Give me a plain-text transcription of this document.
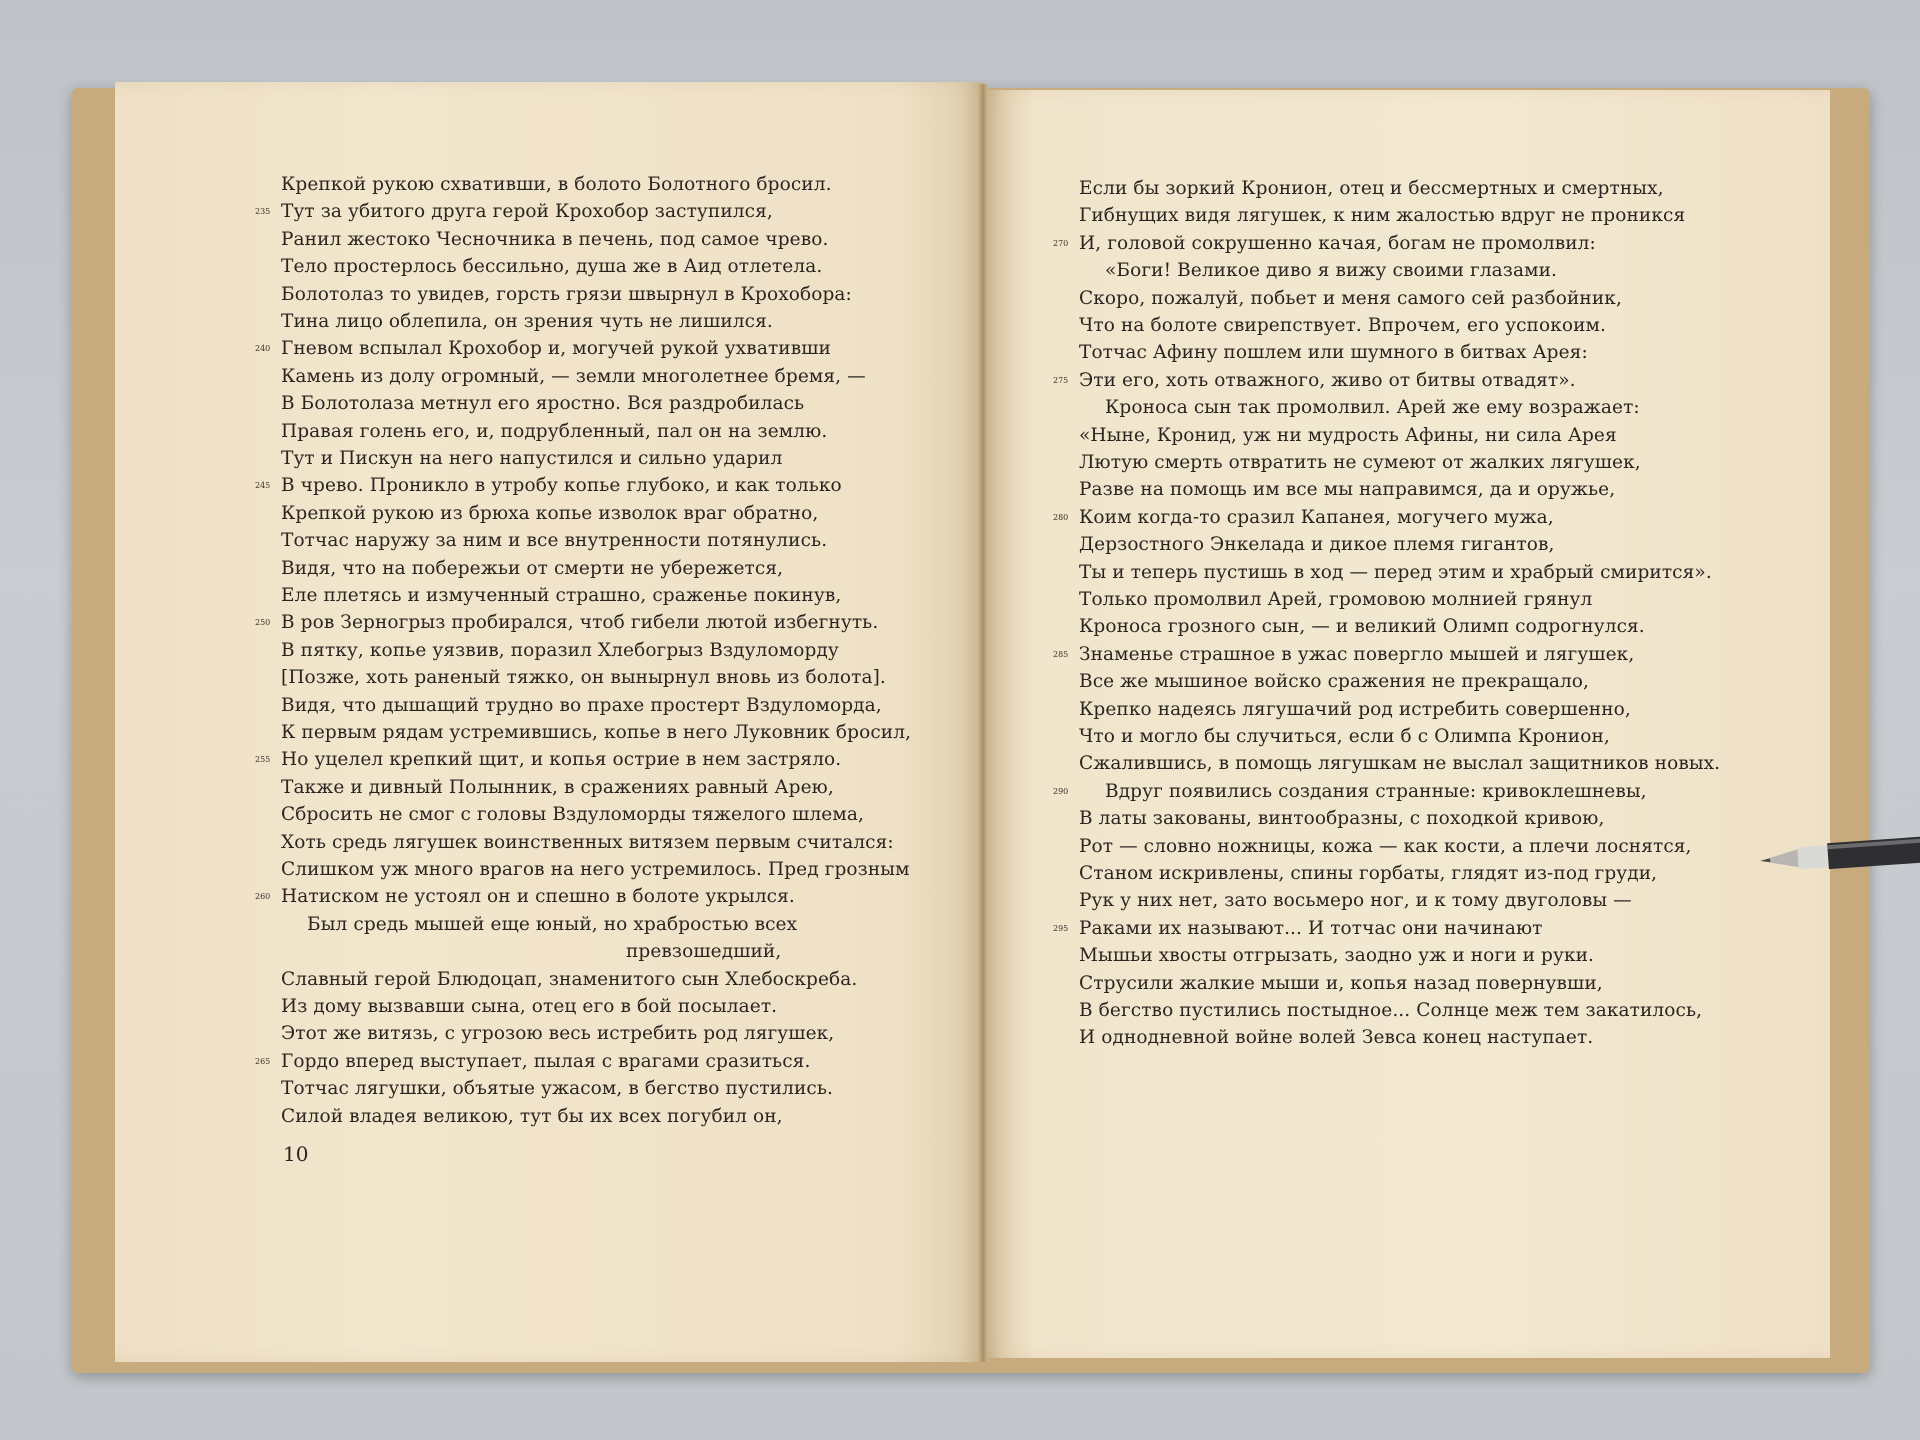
Крепкой рукою схвативши, в болото Болотного бросил.
235 Тут за убитого друга герой Крохобор заступился,
Ранил жестоко Чесночника в печень, под самое чрево.
Тело простерлось бессильно, душа же в Аид отлетела.
Болотолаз то увидев, горсть грязи швырнул в Крохобора:
Тина лицо облепила, он зрения чуть не лишился.
240 Гневом вспылал Крохобор и, могучей рукой ухвативши
Камень из долу огромный, — земли многолетнее бремя, —
В Болотолаза метнул его яростно. Вся раздробилась
Правая голень его, и, подрубленный, пал он на землю.
Тут и Пискун на него напустился и сильно ударил
245 В чрево. Проникло в утробу копье глубоко, и как только
Крепкой рукою из брюха копье изволок враг обратно,
Тотчас наружу за ним и все внутренности потянулись.
Видя, что на побережьи от смерти не убережется,
Еле плетясь и измученный страшно, сраженье покинув,
250 В ров Зерногрыз пробирался, чтоб гибели лютой избегнуть.
В пятку, копье уязвив, поразил Хлебогрыз Вздуломорду
[Позже, хоть раненый тяжко, он вынырнул вновь из болота].
Видя, что дышащий трудно во прахе простерт Вздуломорда,
К первым рядам устремившись, копье в него Луковник бросил,
255 Но уцелел крепкий щит, и копья острие в нем застряло.
Также и дивный Полынник, в сражениях равный Арею,
Сбросить не смог с головы Вздуломорды тяжелого шлема,
Хоть средь лягушек воинственных витязем первым считался:
Слишком уж много врагов на него устремилось. Пред грозным
260 Натиском не устоял он и спешно в болоте укрылся.
Был средь мышей еще юный, но храбростью всех
превзошедший,
Славный герой Блюдоцап, знаменитого сын Хлебоскреба.
Из дому вызвавши сына, отец его в бой посылает.
Этот же витязь, с угрозою весь истребить род лягушек,
265 Гордо вперед выступает, пылая с врагами сразиться.
Тотчас лягушки, объятые ужасом, в бегство пустились.
Силой владея великою, тут бы их всех погубил он,
10
Если бы зоркий Кронион, отец и бессмертных и смертных,
Гибнущих видя лягушек, к ним жалостью вдруг не проникся
270 И, головой сокрушенно качая, богам не промолвил:
«Боги! Великое диво я вижу своими глазами.
Скоро, пожалуй, побьет и меня самого сей разбойник,
Что на болоте свирепствует. Впрочем, его успокоим.
Тотчас Афину пошлем или шумного в битвах Арея:
275 Эти его, хоть отважного, живо от битвы отвадят».
Кроноса сын так промолвил. Арей же ему возражает:
«Ныне, Кронид, уж ни мудрость Афины, ни сила Арея
Лютую смерть отвратить не сумеют от жалких лягушек,
Разве на помощь им все мы направимся, да и оружье,
280 Коим когда-то сразил Капанея, могучего мужа,
Дерзостного Энкелада и дикое племя гигантов,
Ты и теперь пустишь в ход — перед этим и храбрый смирится».
Только промолвил Арей, громовою молнией грянул
Кроноса грозного сын, — и великий Олимп содрогнулся.
285 Знаменье страшное в ужас повергло мышей и лягушек,
Все же мышиное войско сражения не прекращало,
Крепко надеясь лягушачий род истребить совершенно,
Что и могло бы случиться, если б с Олимпа Кронион,
Сжалившись, в помощь лягушкам не выслал защитников новых.
290 Вдруг появились создания странные: кривоклешневы,
В латы закованы, винтообразны, с походкой кривою,
Рот — словно ножницы, кожа — как кости, а плечи лоснятся,
Станом искривлены, спины горбаты, глядят из-под груди,
Рук у них нет, зато восьмеро ног, и к тому двуголовы —
295 Раками их называют... И тотчас они начинают
Мышьи хвосты отгрызать, заодно уж и ноги и руки.
Струсили жалкие мыши и, копья назад повернувши,
В бегство пустились постыдное... Солнце меж тем закатилось,
И однодневной войне волей Зевса конец наступает.
